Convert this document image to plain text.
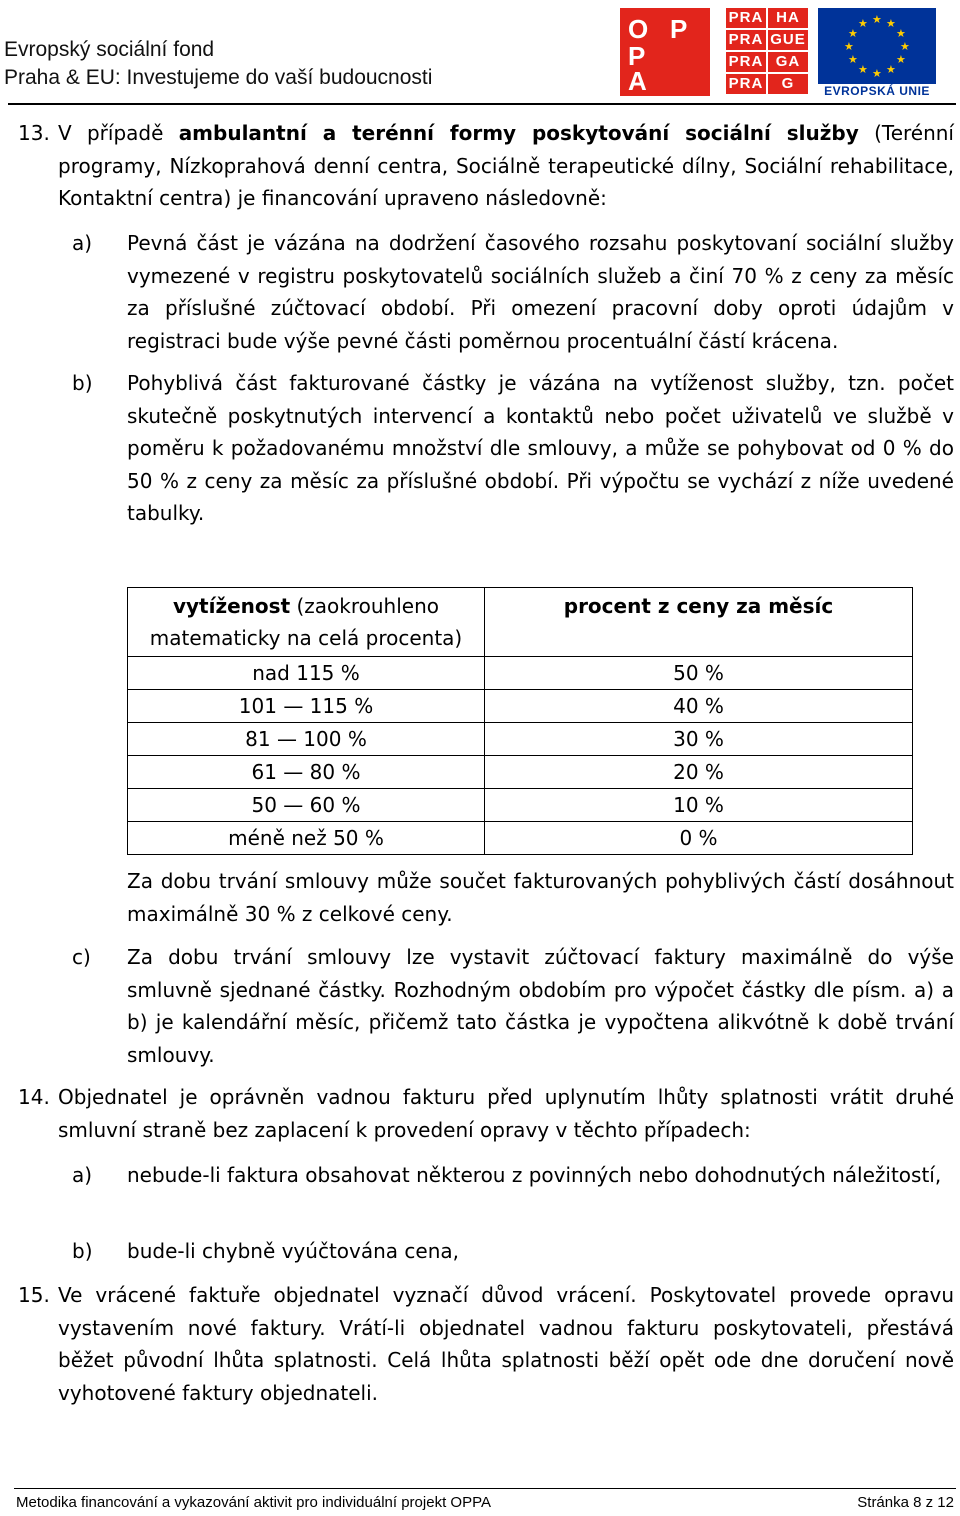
Evropský sociální fond
Praha & EU: Investujeme do vaší budoucnosti
O P
P
A
PRA HA
PRA GUE
PRA GA
PRA	G
★ ★
★
★
★
★
★
★
★
★
★
★
EVROPSKÁ UNIE
13. V případě ambulantní a terénní formy poskytování sociální služby (Terénní programy, Nízkoprahová denní centra, Sociálně terapeutické dílny, Sociální rehabilitace, Kontaktní centra) je financování upraveno následovně:
a) Pevná část je vázána na dodržení časového rozsahu poskytovaní sociální služby vymezené v registru poskytovatelů sociálních služeb a činí 70 % z ceny za měsíc za příslušné zúčtovací období. Při omezení pracovní doby oproti údajům v registraci bude výše pevné části poměrnou procentuální částí krácena.
b) Pohyblivá část fakturované částky je vázána na vytíženost služby, tzn. počet skutečně poskytnutých intervencí a kontaktů nebo počet uživatelů ve službě v poměru k požadovanému množství dle smlouvy, a může se pohybovat od 0 % do 50 % z ceny za měsíc za příslušné období. Při výpočtu se vychází z níže uvedené tabulky.
vytíženost (zaokrouhleno matematicky na celá procenta)	procent z ceny za měsíc
nad 115 %	50 %
101 — 115 %	40 %
81 — 100 %	30 %
61 — 80 %	20 %
50 — 60 %	10 %
méně než 50 %	0 %
Za dobu trvání smlouvy může součet fakturovaných pohyblivých částí dosáhnout maximálně 30 % z celkové ceny.
c) Za dobu trvání smlouvy lze vystavit zúčtovací faktury maximálně do výše smluvně sjednané částky. Rozhodným obdobím pro výpočet částky dle písm. a) a b) je kalendářní měsíc, přičemž tato částka je vypočtena alikvótně k době trvání smlouvy.
14. Objednatel je oprávněn vadnou fakturu před uplynutím lhůty splatnosti vrátit druhé smluvní straně bez zaplacení k provedení opravy v těchto případech:
a) nebude-li faktura obsahovat některou z povinných nebo dohodnutých náležitostí,
b) bude-li chybně vyúčtována cena,
15. Ve vrácené faktuře objednatel vyznačí důvod vrácení. Poskytovatel provede opravu vystavením nové faktury. Vrátí-li objednatel vadnou fakturu poskytovateli, přestává běžet původní lhůta splatnosti. Celá lhůta splatnosti běží opět ode dne doručení nově vyhotovené faktury objednateli.
Metodika financování a vykazování aktivit pro individuální projekt OPPA	Stránka 8 z 12
